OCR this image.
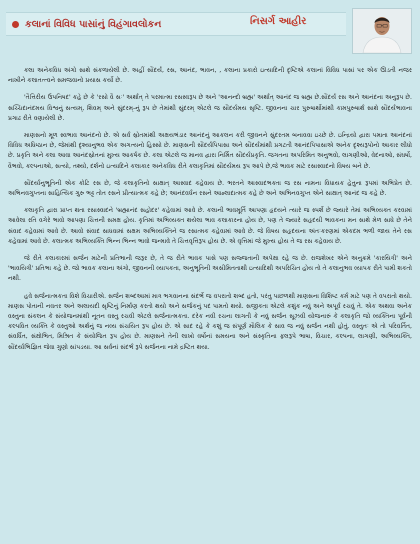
કલાનાં વિવિધ પાસાંનું વિહંગાવલોકન	નિસર્ગ આહીર

કલા અનેકવિધ અંગો સાથે સંકળાયેલી છે. અહીં સૌંદર્ય, રસ, આનંદ, ભાવન, , કલાના પ્રકારો ઇત્યાદિની દૃષ્ટિએ કલાનાં વિવિધ પાસાં પર એક ઊડતી નજર નાખીને કલાતત્ત્વને સમજવાનો પ્રયાસ કર્યો છે.

'તૈત્તિરીય ઉપનિષદ' કહે છે કે 'રસો વૈ સઃ' અર્થાત્ તે પરમાત્મા રસસ્વરૂપ છે અને 'આનન્દો બ્રહ્મ' અર્થાત્ આનંદ જ બ્રહ્મ છે.સૌંદર્ય રસ અને આનંદના અનુરૂપ છે. સચ્ચિદાનંદમય વિશ્વનું સત્યમ્, શિવમ્ અને સુંદરમ્-નું રૂપ છે તેમાંથી સુંદરમ્ એટલે જ સૌંદર્યમય સૃષ્ટિ. જીવનના ચાર પુરુષાર્થોમાંથી કામપુરુષાર્થ સાથે સૌંદર્યભાવના પ્રગાઢ રીતે વણાયેલી છે.

માણસનો મૂળ સ્વભાવ આનંદનો છે. એ સર્વ સ્રોતમાંથી અક્ષયભંડાર આનંદનું આકલન કરી જીવનને સુંદરતમ બનાવવા ઇચ્છે છે. ઇન્દ્રિયો દ્વારા પમાતા આનંદનાં વિવિધ અધિષ્ઠાન છે, જેમાંથી દૃશ્યાનુભવ એક અગત્યનો હિસ્સો છે. માણસની સૌંદર્યપિપાસા અને સૌંદર્યમાંથી પ્રગટતી આનંદપિપાસાએ અનેક દૃશ્યરૂપોનો આકાર લીધો છે. પ્રકૃતિ અને કલા આવા આનંદસ્રોતનાં મુખ્ય આકર્ષક છે. કલા એટલે જ માનવ દ્વારા નિર્મિત સૌંદર્યપ્રકૃતિ. જગતના અપરિમિત અનુભવો, લાગણીઓ, વેદનાઓ, સંઘર્ષો, વૈભવો, કલ્પનાઓ, સત્યો, તથ્યો, દર્શનો ઇત્યાદિને કલાકાર અનેકવિધ રીતે કલાકૃતિમાં સૌંદર્યમય રૂપ આપે છે,જે ભાવક માટે રસાસ્વાદનો વિષય બને છે.

સૌંદર્યાનુભૂતિની એક કોટિ રસ છે, જે કલાકૃતિનો સાક્ષાત્ આસ્વાદ કહેવાય છે. ભરતને આસ્વાદભક્તા જ રસ નામના વિધાયક હેતુના રૂપમાં અભિપ્રેત છે. અભિનવગુપ્તના સાહિત્યિક ગુરુ ભટ્ટ તોત રસને પ્રીત્યાત્મક કહે છે; આનંદવર્ધન રસને આહ્લાદાત્મક કહે છે અને અભિનવગુપ્ત એને સાક્ષાત્ આનંદ જ કહે છે.

કલાકૃતિ દ્વારા પ્રાપ્ત થતા રસાસ્વાદને 'બ્રહ્માનંદ સહોદર' કહેવામાં આવે છે. કલાની ભાવમૂર્તિ આપણા હૃદયને ત્યારે જ સ્પર્શે છે જ્યારે તેમાં અભિવ્યક્ત કરવામાં આવેલા રતિ વગેરે ભાવો આપણા ચિત્તની સમક્ષ હોય. કૃતિમાં અભિવ્યક્ત થયેલા ભાવ કલાકારના હોય છે, પણ તે જ્યારે સહૃદયી ભાવકના મન સાથે મેળ સાધે છે તેને સંવાદ કહેવામાં આવે છે. આવો સંવાદ સાધવામાં સક્ષમ અભિવ્યક્તિને જ રસાત્મક કહેવામાં આવે છે. જે વિષય સહૃદયના અંતઃકરણમાં એકદમ ભળી જાય તેને રસ કહેવામાં આવે છે. કલાત્મક અભિવ્યક્તિ ભિન્ન ભિન્ન ભાવો જન્માવે તે ચિત્તવૃત્તિરૂપ હોય છે. એ વૃત્તિમાં જે મુખ્ય હોય તે જ રસ કહેવાય છે.

જે રીતે કલાકારમાં સર્જન માટેની પ્રતિભાની જરૂર છે, તે જ રીતે ભાવક પાસે પણ સજ્જતાની અપેક્ષા રહે જ છે. રાજશેખર એને અનુક્રમે 'કારયિત્રી' અને 'ભાવયિત્રી' પ્રતિભા કહે છે. જો ભાવક કલાના અંગો, જીવનની વ્યાપકતા, અનુભૂતિની અસીમિતતાથી ઇત્યાદિથી અપરિચિત હોય તો તે કલાનુભવ વ્યાપક રીતે પામી શકતો નથી.

હવે સર્જનાત્મકતા વિશે વિચારીએ. સર્જન શબ્દઆમાં માત્ર ભગવાનના સંદર્ભે જ વપરાતો શબ્દ હતો, પરંતુ પાછળથી માણસના વિશિષ્ટ કર્મ માટે પણ તે વપરાતો થયો. માણસ પોતાની નવતર અને અલાયદી સૃષ્ટિનું નિર્માણ કરતો થયો અને સર્જકનું પદ પામતો થયો. સજીકતા એટલે કશુંક નવું અને અપૂર્વ રચવું તે. એક અથવા અનેક વસ્તુના સંકલન કે સંયોજનમાંથી નૂતન વસ્તુ રચવી એટલે સર્જનાત્મકતા. દરેક નવી રચના લાગતી કે નવું સર્જન સૂઝવી યોજનારું કે કલાકૃતિ જો વ્યક્તિના પૂર્વની કલ્પવિત વ્યક્તિ કે વસ્તુઓ અર્થનું જ નવ્ય સંચયિત રૂપ હોય છે. એ સાદ રહે કે કશું જ સંપૂર્ણ મૌલિક કે સાવ જ નવું સર્જન નથી હોતું. વસ્તુતઃ એ તો પરિવર્તિત, સંવર્ધિત, સંક્ષોભિત, મિશ્રિત કે સંયોજિત રૂપ હોય છે. માણસને તેની લાખો વર્ષોનાં સમયના અને સંસ્કૃતિના ફલરૂપે ભાષા, વિચાર, કલ્પના, લાગણી, અભિવ્યક્તિ, સૌંદર્યાભિજ્ઞિત જેવા ગુણો સાંપડયા. આ સર્વનાં સંદર્ભ રૂપે સર્જનના નામે દ્રષ્ટિત થયા.
